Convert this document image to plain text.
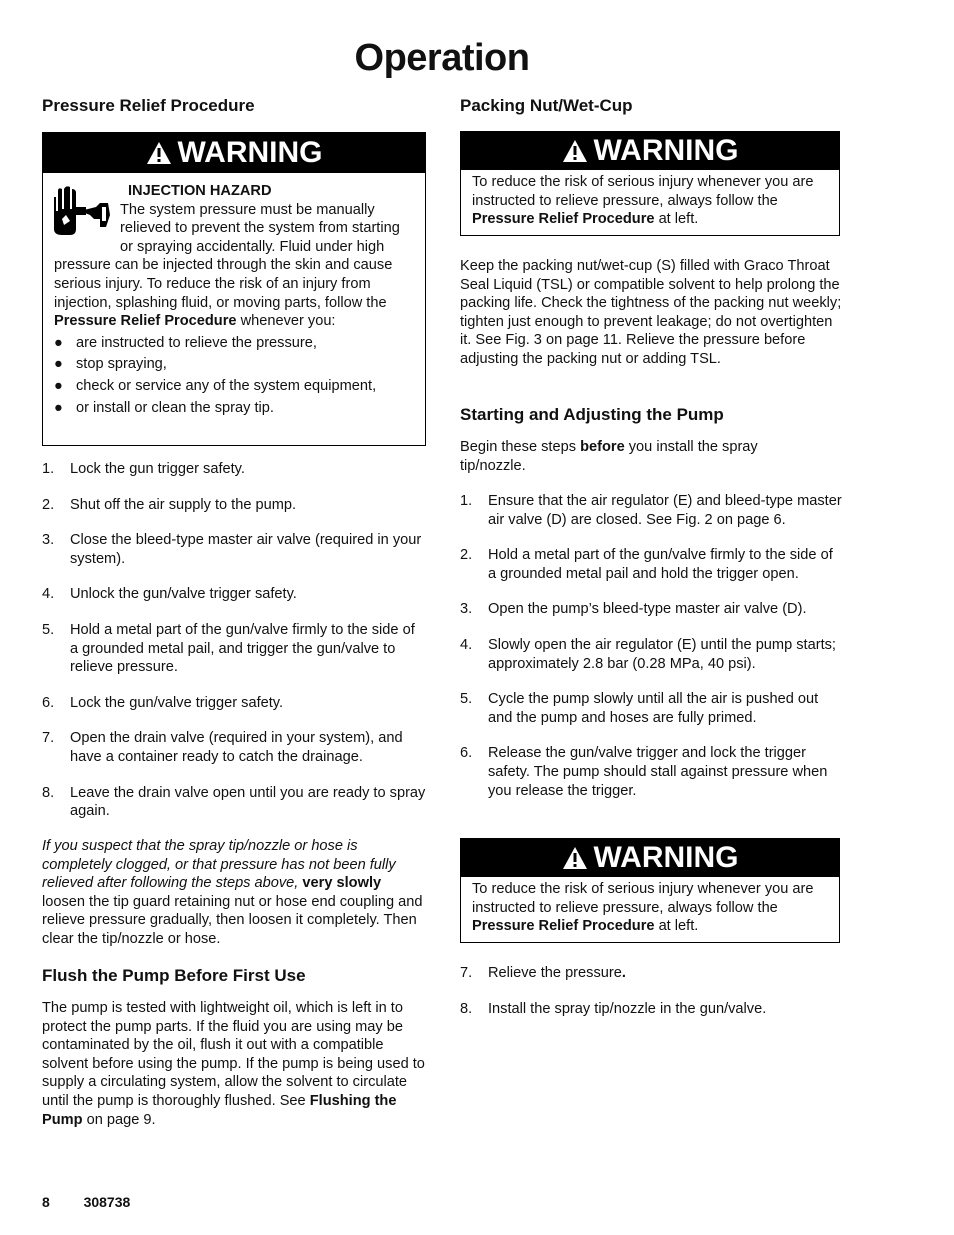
Operation
Pressure Relief Procedure
WARNING
INJECTION HAZARD
The system pressure must be manually relieved to prevent the system from starting or spraying accidentally. Fluid under high pressure can be injected through the skin and cause serious injury. To reduce the risk of an injury from injection, splashing fluid, or moving parts, follow the Pressure Relief Procedure whenever you:
● are instructed to relieve the pressure,
● stop spraying,
● check or service any of the system equipment,
● or install or clean the spray tip.
1. Lock the gun trigger safety.
2. Shut off the air supply to the pump.
3. Close the bleed-type master air valve (required in your system).
4. Unlock the gun/valve trigger safety.
5. Hold a metal part of the gun/valve firmly to the side of a grounded metal pail, and trigger the gun/valve to relieve pressure.
6. Lock the gun/valve trigger safety.
7. Open the drain valve (required in your system), and have a container ready to catch the drainage.
8. Leave the drain valve open until you are ready to spray again.

If you suspect that the spray tip/nozzle or hose is completely clogged, or that pressure has not been fully relieved after following the steps above, very slowly loosen the tip guard retaining nut or hose end coupling and relieve pressure gradually, then loosen it completely. Then clear the tip/nozzle or hose.

Flush the Pump Before First Use

The pump is tested with lightweight oil, which is left in to protect the pump parts. If the fluid you are using may be contaminated by the oil, flush it out with a compatible solvent before using the pump. If the pump is being used to supply a circulating system, allow the solvent to circulate until the pump is thoroughly flushed. See Flushing the Pump on page 9.

Packing Nut/Wet-Cup
WARNING
To reduce the risk of serious injury whenever you are instructed to relieve pressure, always follow the Pressure Relief Procedure at left.

Keep the packing nut/wet-cup (S) filled with Graco Throat Seal Liquid (TSL) or compatible solvent to help prolong the packing life. Check the tightness of the packing nut weekly; tighten just enough to prevent leakage; do not overtighten it. See Fig. 3 on page 11. Relieve the pressure before adjusting the packing nut or adding TSL.

Starting and Adjusting the Pump

Begin these steps before you install the spray tip/nozzle.

1. Ensure that the air regulator (E) and bleed-type master air valve (D) are closed. See Fig. 2 on page 6.
2. Hold a metal part of the gun/valve firmly to the side of a grounded metal pail and hold the trigger open.
3. Open the pump’s bleed-type master air valve (D).
4. Slowly open the air regulator (E) until the pump starts; approximately 2.8 bar (0.28 MPa, 40 psi).
5. Cycle the pump slowly until all the air is pushed out and the pump and hoses are fully primed.
6. Release the gun/valve trigger and lock the trigger safety. The pump should stall against pressure when you release the trigger.
WARNING
To reduce the risk of serious injury whenever you are instructed to relieve pressure, always follow the Pressure Relief Procedure at left.
7. Relieve the pressure.
8. Install the spray tip/nozzle in the gun/valve.
8 308738
